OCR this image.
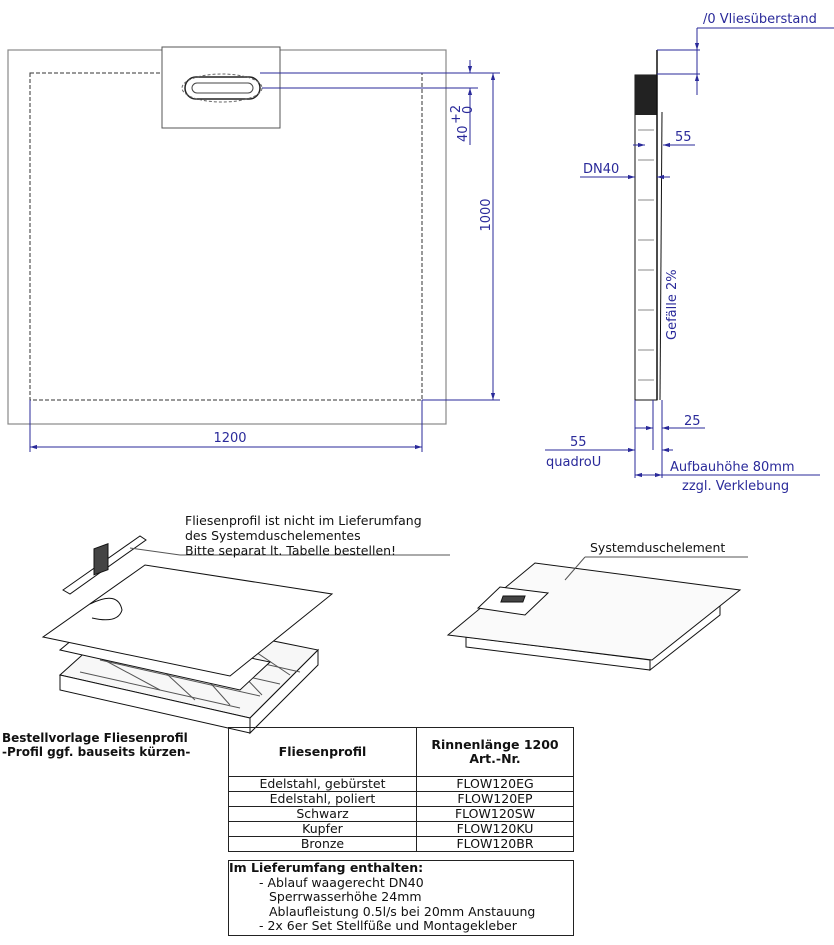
1000
1200
40
+2
0
/0 Vliesüberstand
DN40
55
Gefälle 2%
25
55
quadroU	Aufbauhöhe 80mm
zzgl. Verklebung
Fliesenprofil ist nicht im Lieferumfang
des Systemduschelementes
Bitte separat lt. Tabelle bestellen!	Systemduschelement
Bestellvorlage Fliesenprofil
-Profil ggf. bauseits kürzen-	Fliesenprofil	Rinnenlänge 1200
Art.-Nr.

Edelstahl, gebürstet	FLOW120EG
Edelstahl, poliert	FLOW120EP
Schwarz	FLOW120SW
Kupfer	FLOW120KU
Bronze	FLOW120BR
Im Lieferumfang enthalten:
- Ablauf waagerecht DN40
Sperrwasserhöhe 24mm
Ablaufleistung 0.5l/s bei 20mm Anstauung
- 2x 6er Set Stellfüße und Montagekleber
